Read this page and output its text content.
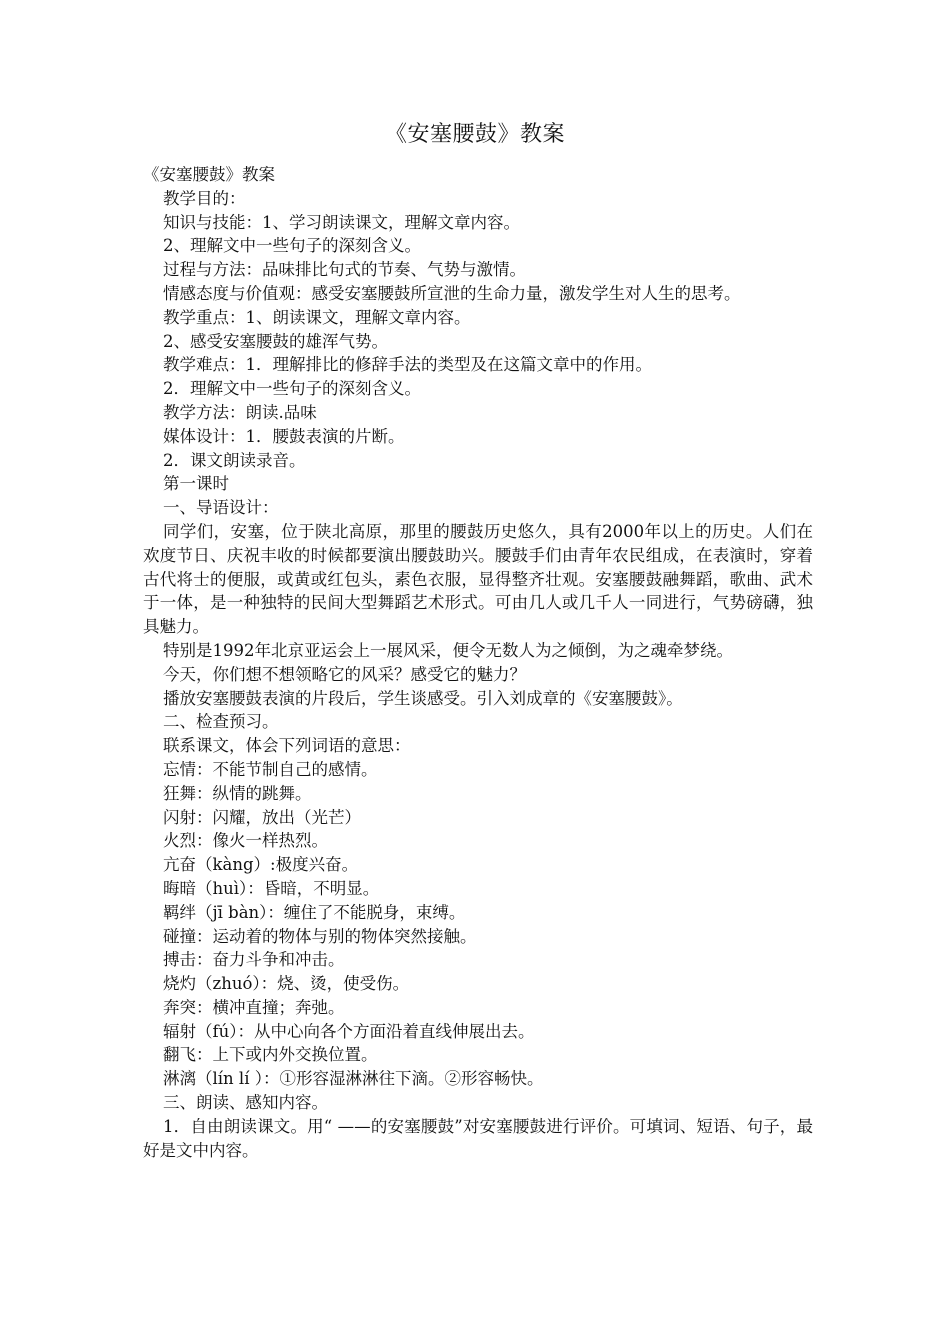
《安塞腰鼓》教案

《安塞腰鼓》教案

教学目的：

知识与技能：1、学习朗读课文，理解文章内容。

2、理解文中一些句子的深刻含义。

过程与方法：品味排比句式的节奏、气势与激情。

情感态度与价值观：感受安塞腰鼓所宣泄的生命力量，激发学生对人生的思考。

教学重点：1、朗读课文，理解文章内容。

2、感受安塞腰鼓的雄浑气势。

教学难点：1．理解排比的修辞手法的类型及在这篇文章中的作用。

2．理解文中一些句子的深刻含义。

教学方法：朗读.品味

媒体设计：1．腰鼓表演的片断。

2．课文朗读录音。

第一课时

一、导语设计：

同学们，安塞，位于陕北高原，那里的腰鼓历史悠久，具有2000年以上的历史。人们在欢度节日、庆祝丰收的时候都要演出腰鼓助兴。腰鼓手们由青年农民组成，在表演时，穿着古代将士的便服，或黄或红包头，素色衣服，显得整齐壮观。安塞腰鼓融舞蹈，歌曲、武术于一体，是一种独特的民间大型舞蹈艺术形式。可由几人或几千人一同进行，气势磅礴，独具魅力。

特别是1992年北京亚运会上一展风采，便令无数人为之倾倒，为之魂牵梦绕。

今天，你们想不想领略它的风采？感受它的魅力？

播放安塞腰鼓表演的片段后，学生谈感受。引入刘成章的《安塞腰鼓》。

二、检查预习。

联系课文，体会下列词语的意思：

忘情：不能节制自己的感情。

狂舞：纵情的跳舞。

闪射：闪耀，放出（光芒）

火烈：像火一样热烈。

亢奋（kàng）:极度兴奋。

晦暗（huì）：昏暗，不明显。

羁绊（jī bàn）：缠住了不能脱身，束缚。

碰撞：运动着的物体与别的物体突然接触。

搏击：奋力斗争和冲击。

烧灼（zhuó）：烧、烫，使受伤。

奔突：横冲直撞；奔弛。

辐射（fú）：从中心向各个方面沿着直线伸展出去。

翻飞：上下或内外交换位置。

淋漓（lín lí ）：①形容湿淋淋往下滴。②形容畅快。

三、朗读、感知内容。

1．自由朗读课文。用“ ——的安塞腰鼓”对安塞腰鼓进行评价。可填词、短语、句子，最好是文中内容。
